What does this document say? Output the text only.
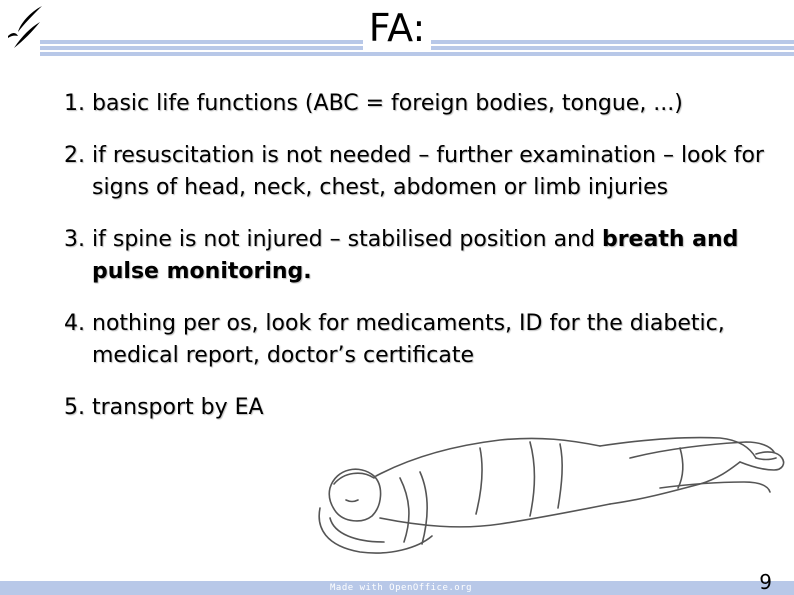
FA:
1. basic life functions (ABC = foreign bodies, tongue, ...)
2. if resuscitation is not needed – further examination – look for signs of head, neck, chest, abdomen or limb injuries
3. if spine is not injured – stabilised position and breath and pulse monitoring.
4. nothing per os, look for medicaments, ID for the diabetic, medical report, doctor’s certificate
5. transport by EA
Made with OpenOffice.org	9
